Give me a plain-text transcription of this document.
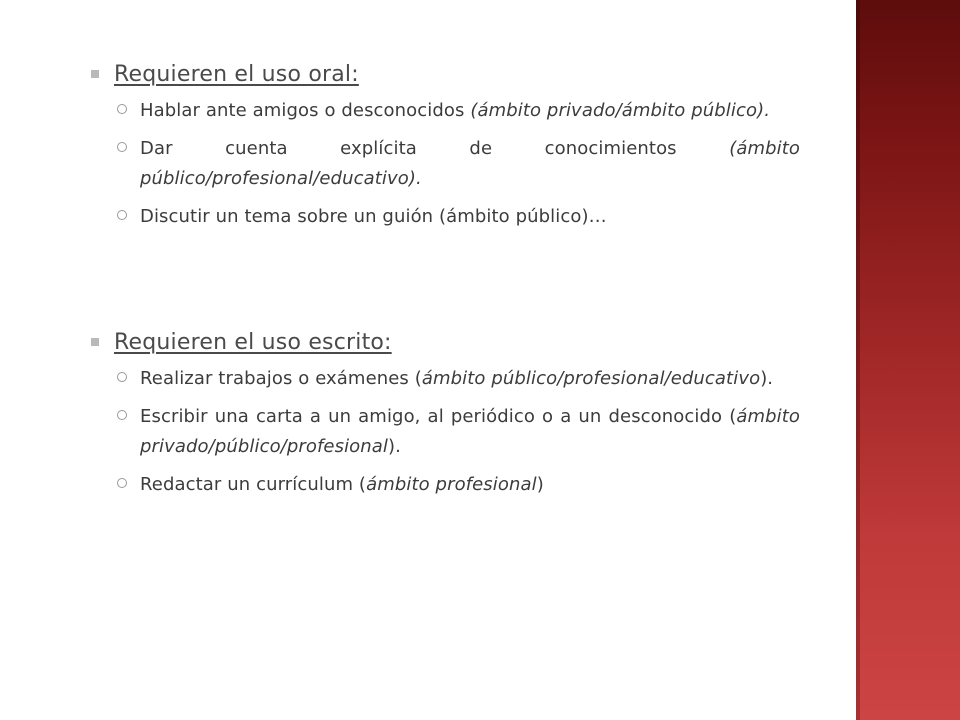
Requieren el uso oral:
Hablar ante amigos o desconocidos (ámbito privado/ámbito público).
Dar cuenta explícita de conocimientos (ámbito público/profesional/educativo).
Discutir un tema sobre un guión (ámbito público)…
Requieren el uso escrito:
Realizar trabajos o exámenes (ámbito público/profesional/educativo).
Escribir una carta a un amigo, al periódico o a un desconocido (ámbito privado/público/profesional).
Redactar un currículum (ámbito profesional)
